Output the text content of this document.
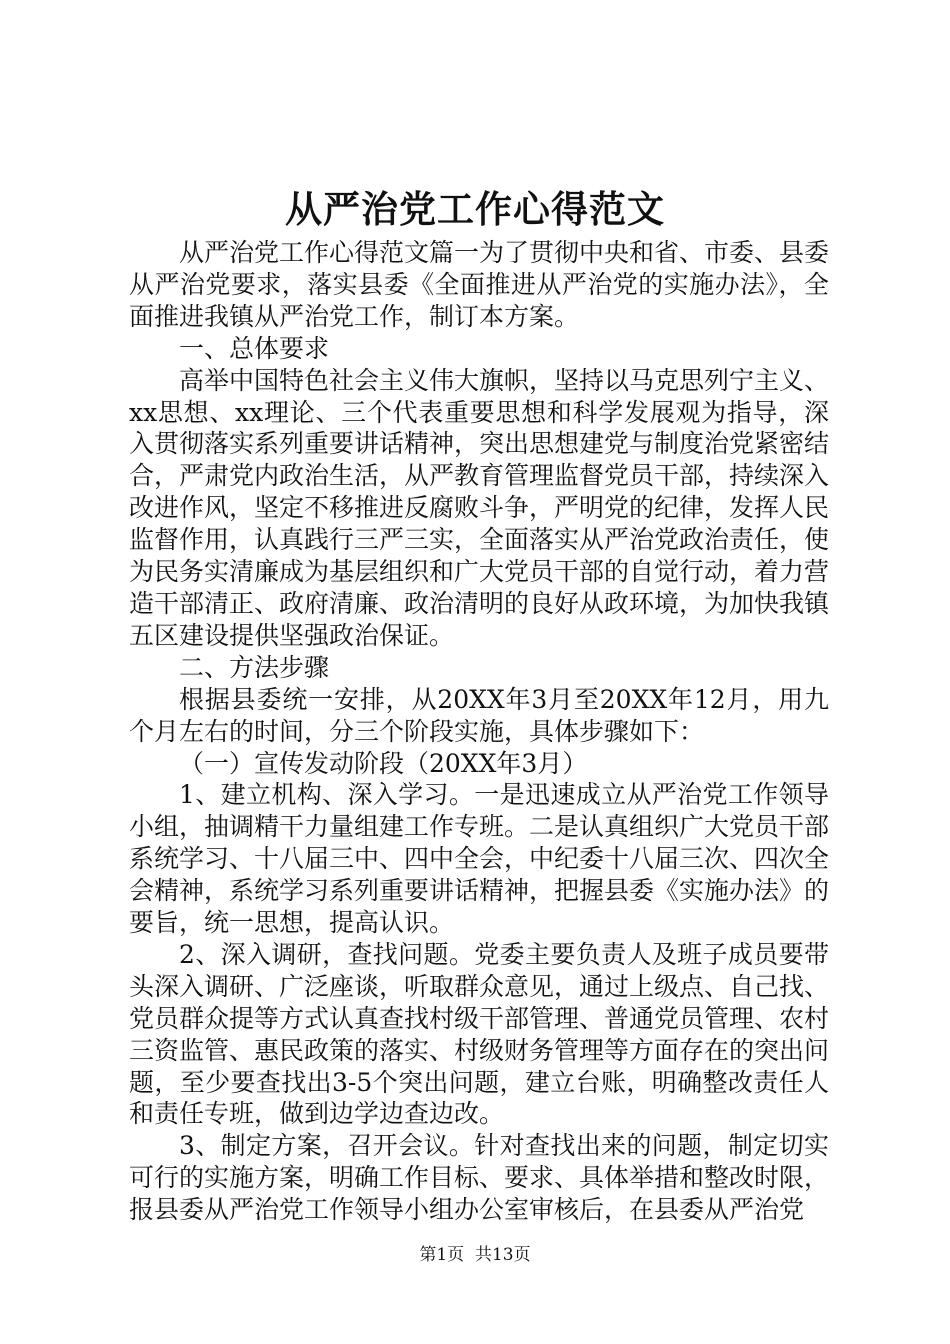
从严治党工作心得范文

从严治党工作心得范文篇一为了贯彻中央和省、市委、县委从严治党要求，落实县委《全面推进从严治党的实施办法》，全面推进我镇从严治党工作，制订本方案。

一、总体要求

高举中国特色社会主义伟大旗帜，坚持以马克思列宁主义、xx思想、xx理论、三个代表重要思想和科学发展观为指导，深入贯彻落实系列重要讲话精神，突出思想建党与制度治党紧密结合，严肃党内政治生活，从严教育管理监督党员干部，持续深入改进作风，坚定不移推进反腐败斗争，严明党的纪律，发挥人民监督作用，认真践行三严三实，全面落实从严治党政治责任，使为民务实清廉成为基层组织和广大党员干部的自觉行动，着力营造干部清正、政府清廉、政治清明的良好从政环境，为加快我镇五区建设提供坚强政治保证。

二、方法步骤

根据县委统一安排，从20XX年3月至20XX年12月，用九个月左右的时间，分三个阶段实施，具体步骤如下：

（一）宣传发动阶段（20XX年3月）

1、建立机构、深入学习。一是迅速成立从严治党工作领导小组，抽调精干力量组建工作专班。二是认真组织广大党员干部系统学习、十八届三中、四中全会，中纪委十八届三次、四次全会精神，系统学习系列重要讲话精神，把握县委《实施办法》的要旨，统一思想，提高认识。

2、深入调研，查找问题。党委主要负责人及班子成员要带头深入调研、广泛座谈，听取群众意见，通过上级点、自己找、党员群众提等方式认真查找村级干部管理、普通党员管理、农村三资监管、惠民政策的落实、村级财务管理等方面存在的突出问题，至少要查找出3-5个突出问题，建立台账，明确整改责任人和责任专班，做到边学边查边改。

3、制定方案，召开会议。针对查找出来的问题，制定切实可行的实施方案，明确工作目标、要求、具体举措和整改时限，报县委从严治党工作领导小组办公室审核后，在县委从严治党

第1页  共13页
